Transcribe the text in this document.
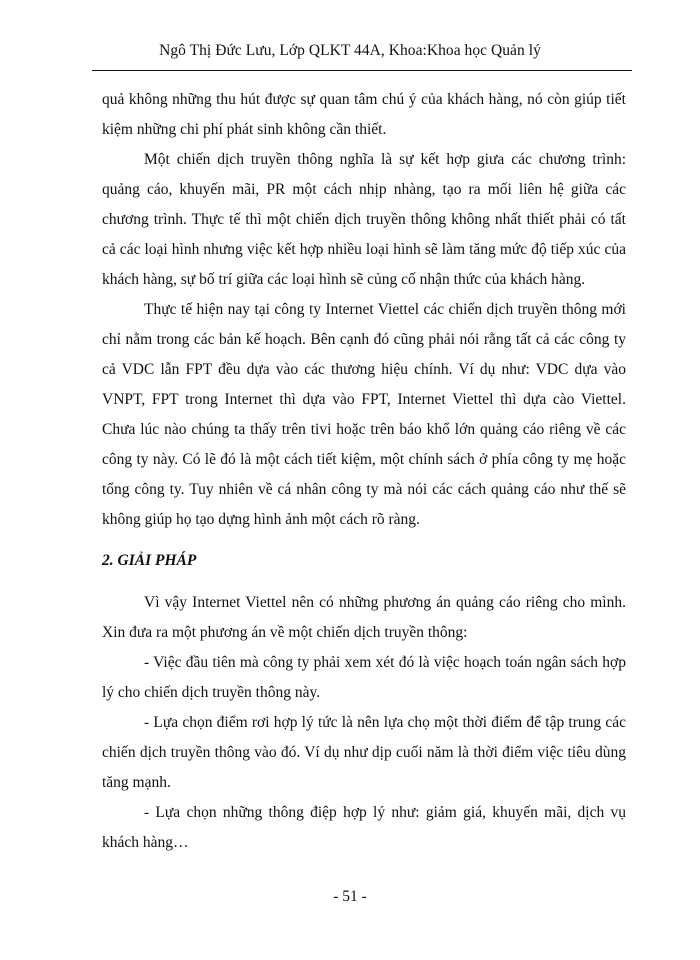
Ngô Thị Đức Lưu, Lớp QLKT 44A, Khoa:Khoa học Quản lý

quả không những thu hút được sự quan tâm chú ý của khách hàng, nó còn giúp tiết kiệm những chi phí phát sinh không cần thiết.

Một chiến dịch truyền thông nghĩa là sự kết hợp giưa các chương trình: quảng cáo, khuyến mãi, PR một cách nhịp nhàng, tạo ra mối liên hệ giữa các chương trình. Thực tế thì một chiến dịch truyền thông không nhất thiết phải có tất cả các loại hình nhưng việc kết hợp nhiều loại hình sẽ làm tăng mức độ tiếp xúc của khách hàng, sự bố trí giữa các loại hình sẽ củng cố nhận thức của khách hàng.

Thực tế hiện nay tại công ty Internet Viettel các chiến dịch truyền thông mới chỉ nằm trong các bản kế hoạch. Bên cạnh đó cũng phải nói rằng tất cả các công ty cả VDC lẫn FPT đều dựa vào các thương hiệu chính. Ví dụ như: VDC dựa vào VNPT, FPT trong Internet thì dựa vào FPT, Internet Viettel thì dựa cào Viettel. Chưa lúc nào chúng ta thấy trên tivi hoặc trên báo khổ lớn quảng cáo riêng về các công ty này. Có lẽ đó là một cách tiết kiệm, một chính sách ở phía công ty mẹ hoặc tổng công ty. Tuy nhiên về cá nhân công ty mà nói các cách quảng cáo như thế sẽ không giúp họ tạo dựng hình ảnh một cách rõ ràng.

2. GIẢI PHÁP

Vì vậy Internet Viettel nên có những phương án quảng cáo riêng cho mình. Xin đưa ra một phương án về một chiến dịch truyền thông:

- Việc đầu tiên mà công ty phải xem xét đó là việc hoạch toán ngân sách hợp lý cho chiến dịch truyền thông này.

- Lựa chọn điểm rơi hợp lý tức là nên lựa chọ một thời điểm để tập trung các chiến dịch truyền thông vào đó. Ví dụ như dịp cuối năm là thời điểm việc tiêu dùng tăng mạnh.

- Lựa chọn những thông điệp hợp lý như: giảm giá, khuyến mãi, dịch vụ khách hàng…

- 51 -
